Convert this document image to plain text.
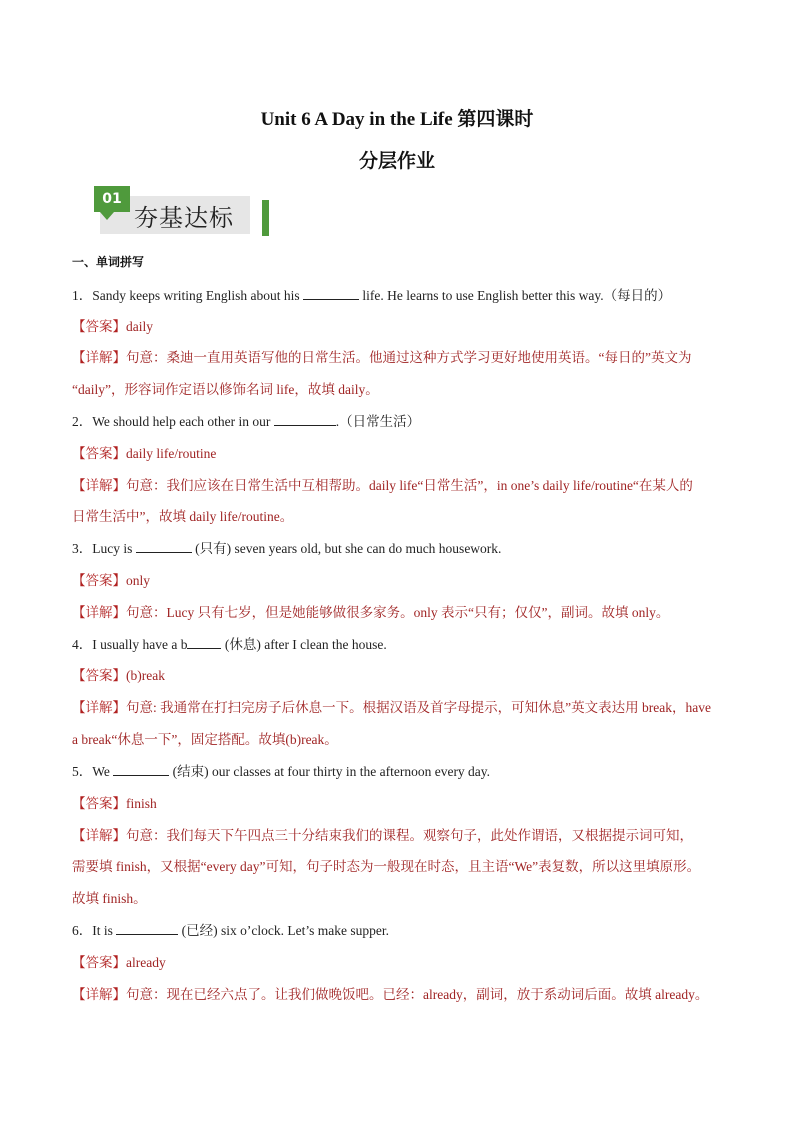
Unit 6 A Day in the Life 第四课时
分层作业
01
夯基达标
一、单词拼写
1．Sandy keeps writing English about his	life. He learns to use English better this way.（每日的）
【答案】daily
【详解】句意：桑迪一直用英语写他的日常生活。他通过这种方式学习更好地使用英语。“每日的”英文为
“daily”，形容词作定语以修饰名词 life，故填 daily。
2．We should help each other in our	.（日常生活）
【答案】daily life/routine
【详解】句意：我们应该在日常生活中互相帮助。daily life“日常生活”，in one’s daily life/routine“在某人的
日常生活中”，故填 daily life/routine。
3．Lucy is	(只有) seven years old, but she can do much housework.
【答案】only
【详解】句意：Lucy 只有七岁，但是她能够做很多家务。only 表示“只有；仅仅”，副词。故填 only。
4．I usually have a b	(休息) after I clean the house.
【答案】(b)reak
【详解】句意: 我通常在打扫完房子后休息一下。根据汉语及首字母提示，可知休息”英文表达用 break，have
a break“休息一下”，固定搭配。故填(b)reak。
5．We	(结束) our classes at four thirty in the afternoon every day.
【答案】finish
【详解】句意：我们每天下午四点三十分结束我们的课程。观察句子，此处作谓语，又根据提示词可知，
需要填 finish，又根据“every day”可知，句子时态为一般现在时态，且主语“We”表复数，所以这里填原形。
故填 finish。
6．It is	(已经) six o’clock. Let’s make supper.
【答案】already
【详解】句意：现在已经六点了。让我们做晚饭吧。已经：already，副词，放于系动词后面。故填 already。
